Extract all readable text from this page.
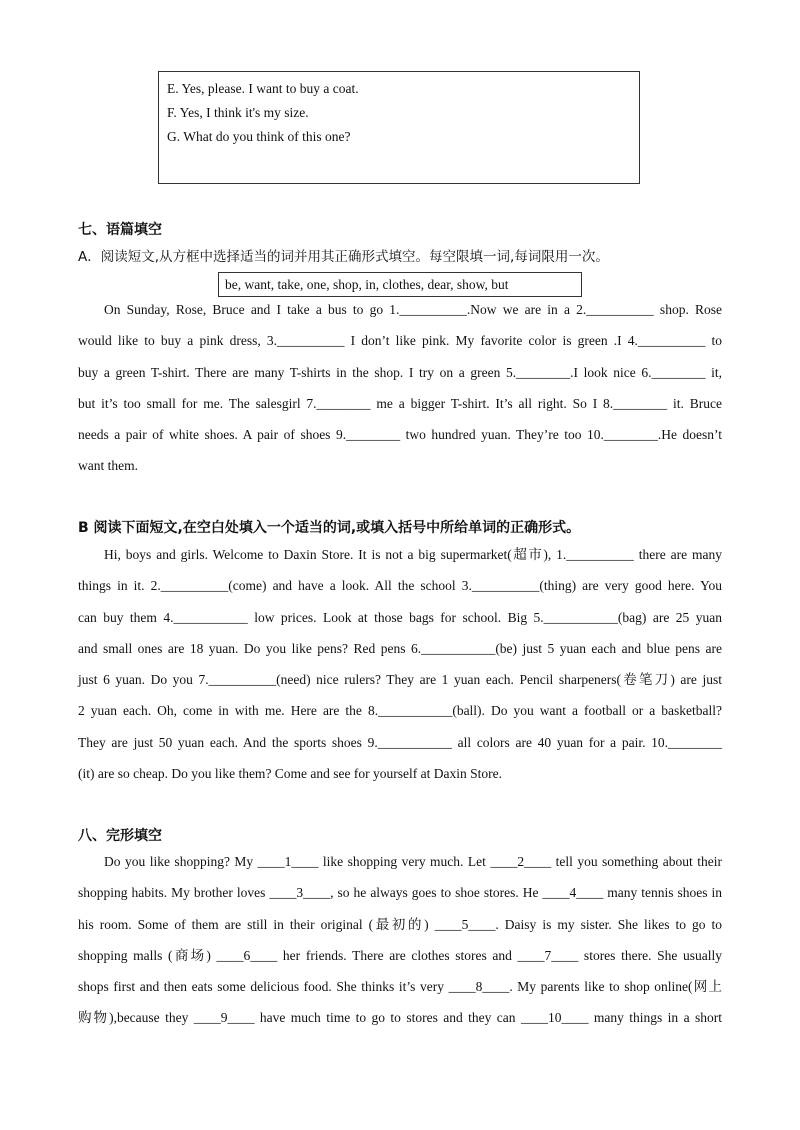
E. Yes, please. I want to buy a coat.
F. Yes, I think it's my size.
G. What do you think of this one?
七、语篇填空
A．阅读短文,从方框中选择适当的词并用其正确形式填空。每空限填一词,每词限用一次。
be, want, take, one, shop, in, clothes, dear, show, but
On Sunday, Rose, Bruce and I take a bus to go 1.__________.Now we are in a 2.__________ shop. Rose
would like to buy a pink dress, 3.__________ I don’t like pink. My favorite color is green .I 4.__________ to
buy a green T-shirt. There are many T-shirts in the shop. I try on a green 5.________.I look nice 6.________ it,
but it’s too small for me. The salesgirl 7.________ me a bigger T-shirt. It’s all right. So I 8.________ it. Bruce
needs a pair of white shoes. A pair of shoes 9.________ two hundred yuan. They’re too 10.________.He doesn’t
want them.
B 阅读下面短文,在空白处填入一个适当的词,或填入括号中所给单词的正确形式。
Hi, boys and girls. Welcome to Daxin Store. It is not a big supermarket(超市), 1.__________ there are many
things in it. 2.__________(come) and have a look. All the school 3.__________(thing) are very good here. You
can buy them 4.___________ low prices. Look at those bags for school. Big 5.___________(bag) are 25 yuan
and small ones are 18 yuan. Do you like pens? Red pens 6.___________(be) just 5 yuan each and blue pens are
just 6 yuan. Do you 7.__________(need) nice rulers? They are 1 yuan each. Pencil sharpeners(卷笔刀) are just
2 yuan each. Oh, come in with me. Here are the 8.___________(ball). Do you want a football or a basketball?
They are just 50 yuan each. And the sports shoes 9.___________ all colors are 40 yuan for a pair. 10.________
(it) are so cheap. Do you like them? Come and see for yourself at Daxin Store.
八、完形填空
Do you like shopping? My ____1____ like shopping very much. Let ____2____ tell you something about their
shopping habits. My brother loves ____3____, so he always goes to shoe stores. He ____4____ many tennis shoes in
his room. Some of them are still in their original (最初的) ____5____. Daisy is my sister. She likes to go to
shopping malls (商场) ____6____ her friends. There are clothes stores and ____7____ stores there. She usually
shops first and then eats some delicious food. She thinks it’s very ____8____. My parents like to shop online(网上
购物),because they ____9____ have much time to go to stores and they can ____10____ many things in a short
